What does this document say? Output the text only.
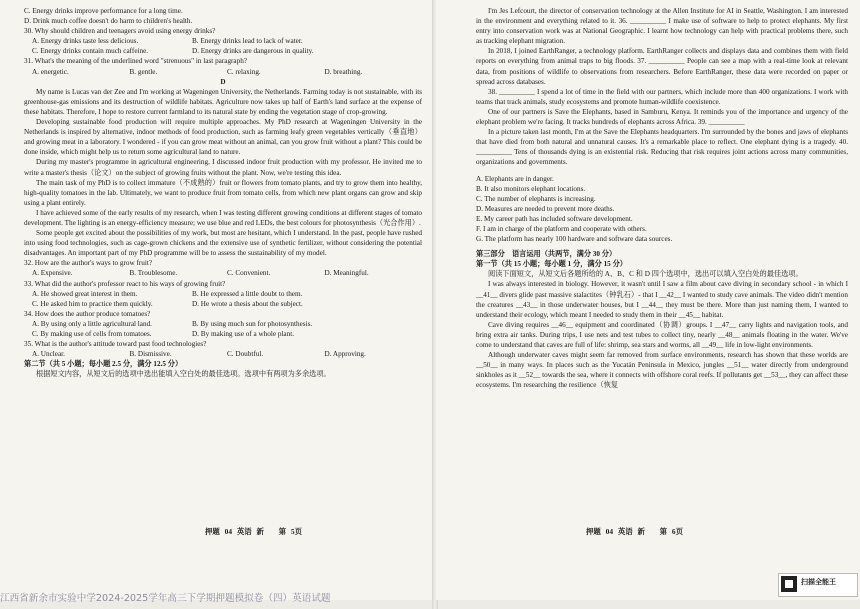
C. Energy drinks improve performance for a long time.

D. Drink much coffee doesn't do harm to children's health.

30. Why should children and teenagers avoid using energy drinks?

A. Energy drinks taste less delicious.	B. Energy drinks lead to lack of water.
C. Energy drinks contain much caffeine.	D. Energy drinks are dangerous in quality.

31. What's the meaning of the underlined word "strenuous" in last paragraph?

A. energetic.	B. gentle.	C. relaxing.	D. breathing.

D

My name is Lucas van der Zee and I'm working at Wageningen University, the Netherlands. Farming today is not sustainable, with its greenhouse-gas emissions and its destruction of wildlife habitats. Agriculture now takes up half of Earth's land surface at the expense of these habitats. Therefore, I hope to restore current farmland to its natural state by ending the vegetation stage of crop-growing.

Developing sustainable food production will require multiple approaches. My PhD research at Wageningen University in the Netherlands is inspired by alternative, indoor methods of food production, such as farming leafy green vegetables vertically（垂直地）and growing meat in a laboratory. I wondered - if you can grow meat without an animal, can you grow fruit without a plant? This could be done inside, which might help us to return some agricultural land to nature.

During my master's programme in agricultural engineering, I discussed indoor fruit production with my professor. He invited me to write a master's thesis（论文）on the subject of growing fruits without the plant. Now, we're testing this idea.

The main task of my PhD is to collect immature（不成熟的）fruit or flowers from tomato plants, and try to grow them into healthy, high-quality tomatoes in the lab. Ultimately, we want to produce fruit from tomato cells, from which new plant organs can grow and skip using a plant entirely.

I have achieved some of the early results of my research, when I was testing different growing conditions at different stages of tomato development. The lighting is an energy-efficiency measure; we use blue and red LEDs, the best colours for photosynthesis（光合作用）.

Some people get excited about the possibilities of my work, but most are hesitant, which I understand. In the past, people have rushed into using food technologies, such as cage-grown chickens and the extensive use of synthetic fertilizer, without considering the potential disadvantages. An important part of my PhD programme will be to assess the sustainability of my model.

32. How are the author's ways to grow fruit?

A. Expensive.	B. Troublesome.	C. Convenient.	D. Meaningful.

33. What did the author's professor react to his ways of growing fruit?

A. He showed great interest in them.	B. He expressed a little doubt to them.
C. He asked him to practice them quickly.	D. He wrote a thesis about the subject.

34. How does the author produce tomatoes?

A. By using only a little agricultural land.	B. By using much sun for photosynthesis.
C. By making use of cells from tomatoes.	D. By making use of a whole plant.

35. What is the author's attitude toward past food technologies?

A. Unclear.	B. Dismissive.	C. Doubtful.	D. Approving.

第二节（共 5 小题；每小题 2.5 分，满分 12.5 分）

根据短文内容，从短文后的选项中选出能填入空白处的最佳选项。选项中有两项为多余选项。

押题 04 英语 新　　第 5页

I'm Jes Lefcourt, the director of conservation technology at the Allen Institute for AI in Seattle, Washington. I am interested in the environment and everything related to it. 36. __________ I make use of software to help to protect elephants. My first entry into conservation work was at National Geographic. I learnt how technology can help with practical problems there, such as tracking elephant migration.

In 2018, I joined EarthRanger, a technology platform. EarthRanger collects and displays data and combines them with field reports on everything from animal traps to big floods. 37. __________ People can see a map with a real-time look at relevant data, from positions of wildlife to observations from researchers. Before EarthRanger, these data were recorded on paper or spread across databases.

38. __________ I spend a lot of time in the field with our partners, which include more than 400 organizations. I work with teams that track animals, study ecosystems and promote human-wildlife coexistence.

One of our partners is Save the Elephants, based in Samburu, Kenya. It reminds you of the importance and urgency of the elephant problem we're facing. It tracks hundreds of elephants across Africa. 39. __________

In a picture taken last month, I'm at the Save the Elephants headquarters. I'm surrounded by the bones and jaws of elephants that have died from both natural and unnatural causes. It's a remarkable place to reflect. One elephant dying is a tragedy. 40. __________ Tens of thousands dying is an existential risk. Reducing that risk requires joint actions across many communities, organizations and governments.

A. Elephants are in danger.

B. It also monitors elephant locations.

C. The number of elephants is increasing.

D. Measures are needed to prevent more deaths.

E. My career path has included software development.

F. I am in charge of the platform and cooperate with others.

G. The platform has nearly 100 hardware and software data sources.

第三部分　语言运用（共两节，满分 30 分）

第一节（共 15 小题；每小题 1 分，满分 15 分）

阅读下面短文，从短文后各题所给的 A、B、C 和 D 四个选项中，选出可以填入空白处的最佳选项。

I was always interested in biology. However, it wasn't until I saw a film about cave diving in secondary school - in which I __41__ divers glide past massive stalactites（钟乳石）- that I __42__ I wanted to study cave animals. The video didn't mention the creatures __43__ in those underwater houses, but I __44__ they must be there. More than just naming them, I wanted to understand their ecology, which meant I needed to study them in their __45__ habitat.

Cave diving requires __46__ equipment and coordinated（协调）groups. I __47__ carry lights and navigation tools, and bring extra air tanks. During trips, I use nets and test tubes to collect tiny, nearly __48__ animals floating in the water. We've come to understand that caves are full of life: shrimp, sea stars and worms, all __49__ life in low-light environments.

Although underwater caves might seem far removed from surface environments, research has shown that these worlds are __50__ in many ways. In places such as the Yucatán Peninsula in Mexico, jungles __51__ water directly from underground sinkholes as it __52__ towards the sea, where it connects with offshore coral reefs. If pollutants get __53__, they can affect these ecosystems. I'm researching the resilience（恢复

押题 04 英语 新　　第 6页
江西省新余市实验中学2024-2025学年高三下学期押题模拟卷（四）英语试题
扫描全能王
